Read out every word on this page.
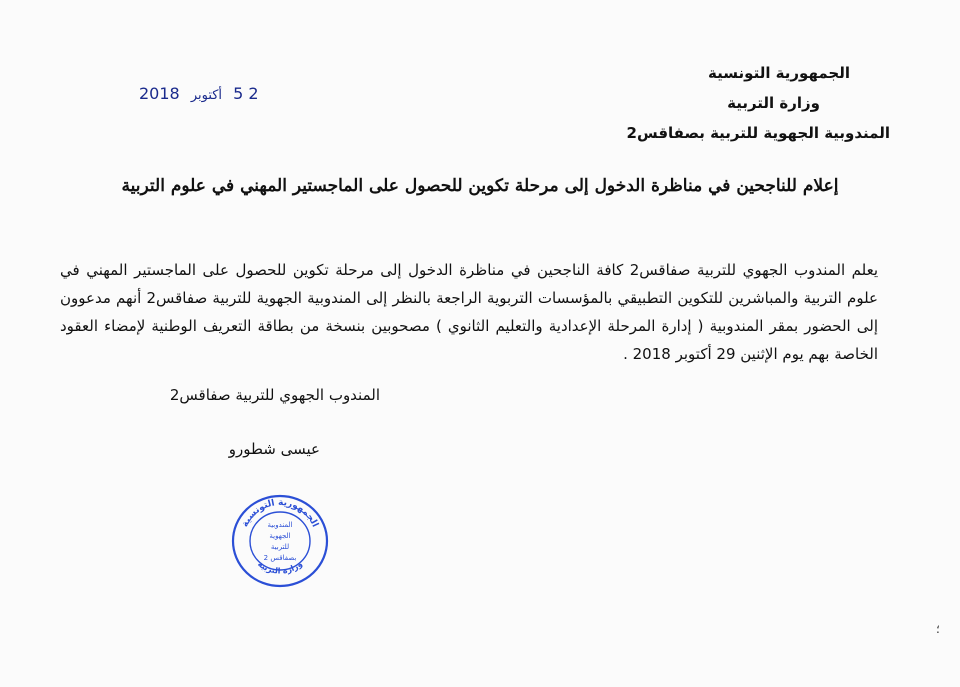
الجمهورية التونسية
وزارة التربية
المندوبية الجهوية للتربية بصفاقس2
2 5 أكتوبر 2018
إعلام للناجحين في مناظرة الدخول إلى مرحلة تكوين للحصول على الماجستير المهني في علوم التربية
يعلم المندوب الجهوي للتربية صفاقس2 كافة الناجحين في مناظرة الدخول إلى مرحلة تكوين للحصول على الماجستير المهني في علوم التربية والمباشرين للتكوين التطبيقي بالمؤسسات التربوية الراجعة بالنظر إلى المندوبية الجهوية للتربية صفاقس2 أنهم مدعوون إلى الحضور بمقر المندوبية ( إدارة المرحلة الإعدادية والتعليم الثانوي ) مصحوبين بنسخة من بطاقة التعريف الوطنية لإمضاء العقود الخاصة بهم يوم الإثنين 29 أكتوبر 2018 .
المندوب الجهوي للتربية صفاقس2
عيسى شطورو
الجمهورية التونسية
وزارة التربية
المندوبية
الجهوية
للتربية
بصفاقس 2
؛
